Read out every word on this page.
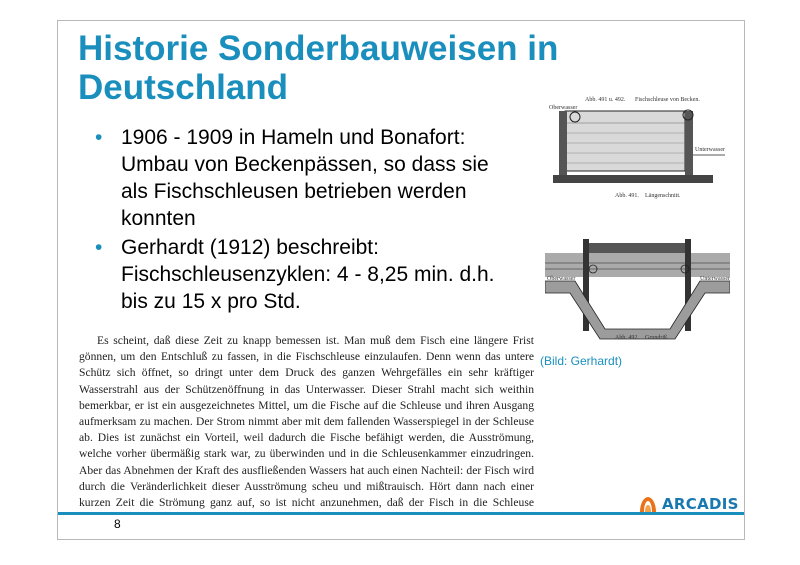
Historie Sonderbauweisen in Deutschland
• 1906 - 1909 in Hameln und Bonafort: Umbau von Beckenpässen, so dass sie als Fischschleusen betrieben werden konnten
• Gerhardt (1912) beschreibt: Fischschleusenzyklen: 4 - 8,25 min. d.h. bis zu 15 x pro Std.
Abb. 491 u. 492. Fischschleuse von Becken.
Oberwasser
Unterwasser
Abb. 491. Längenschnitt.
Oberwasser	Unterwasser
Abb. 492. Grundriß.
(Bild: Gerhardt)

Es scheint, daß diese Zeit zu knapp bemessen ist. Man muß dem Fisch eine längere Frist gönnen, um den Entschluß zu fassen, in die Fischschleuse einzulaufen. Denn wenn das untere Schütz sich öffnet, so dringt unter dem Druck des ganzen Wehrgefälles ein sehr kräftiger Wasserstrahl aus der Schützenöffnung in das Unterwasser. Dieser Strahl macht sich weithin bemerkbar, er ist ein ausgezeichnetes Mittel, um die Fische auf die Schleuse und ihren Ausgang aufmerksam zu machen. Der Strom nimmt aber mit dem fallenden Wasserspiegel in der Schleuse ab. Dies ist zunächst ein Vorteil, weil dadurch die Fische befähigt werden, die Ausströmung, welche vorher übermäßig stark war, zu überwinden und in die Schleusenkammer einzudringen. Aber das Abnehmen der Kraft des ausfließenden Wassers hat auch einen Nachteil: der Fisch wird durch die Veränderlichkeit dieser Ausströmung scheu und mißtrauisch. Hört dann nach einer kurzen Zeit die Strömung ganz auf, so ist nicht anzunehmen, daß der Fisch in die Schleuse

8
ARCADIS
